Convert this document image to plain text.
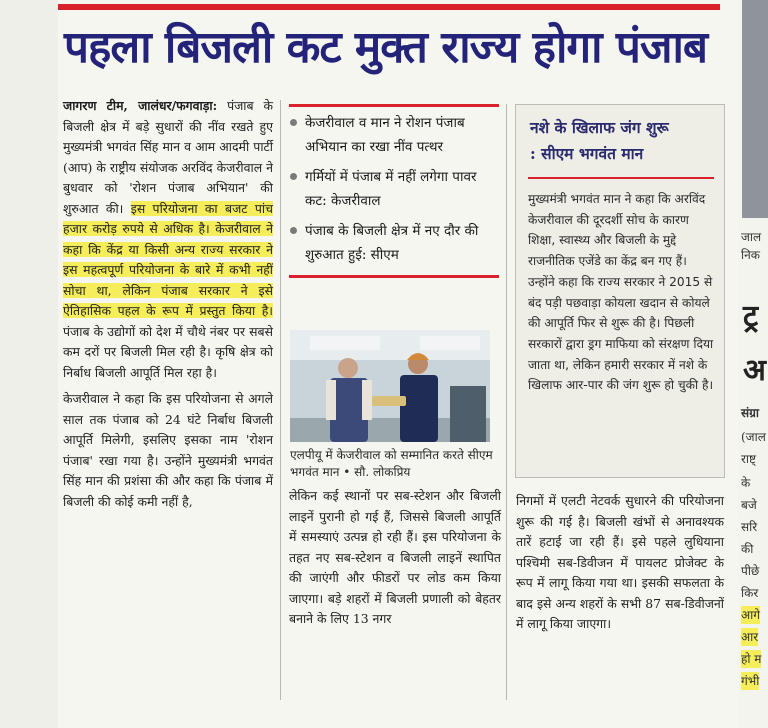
पहला बिजली कट मुक्त राज्य होगा पंजाब

जागरण टीम, जालंधर/फगवाड़ा: पंजाब के बिजली क्षेत्र में बड़े सुधारों की नींव रखते हुए मुख्यमंत्री भगवंत सिंह मान व आम आदमी पार्टी (आप) के राष्ट्रीय संयोजक अरविंद केजरीवाल ने बुधवार को 'रोशन पंजाब अभियान' की शुरुआत की। इस परियोजना का बजट पांच हजार करोड़ रुपये से अधिक है। केजरीवाल ने कहा कि केंद्र या किसी अन्य राज्य सरकार ने इस महत्वपूर्ण परियोजना के बारे में कभी नहीं सोचा था, लेकिन पंजाब सरकार ने इसे ऐतिहासिक पहल के रूप में प्रस्तुत किया है। पंजाब के उद्योगों को देश में चौथे नंबर पर सबसे कम दरों पर बिजली मिल रही है। कृषि क्षेत्र को निर्बाध बिजली आपूर्ति मिल रहा है।

केजरीवाल ने कहा कि इस परियोजना से अगले साल तक पंजाब को 24 घंटे निर्बाध बिजली आपूर्ति मिलेगी, इसलिए इसका नाम 'रोशन पंजाब' रखा गया है। उन्होंने मुख्यमंत्री भगवंत सिंह मान की प्रशंसा की और कहा कि पंजाब में बिजली की कोई कमी नहीं है,

केजरीवाल व मान ने रोशन पंजाब अभियान का रखा नींव पत्थर
गर्मियों में पंजाब में नहीं लगेगा पावर कट: केजरीवाल
पंजाब के बिजली क्षेत्र में नए दौर की शुरुआत हुई: सीएम
एलपीयू में केजरीवाल को सम्मानित करते सीएम भगवंत मान • सौ. लोकप्रिय
लेकिन कई स्थानों पर सब-स्टेशन और बिजली लाइनें पुरानी हो गई हैं, जिससे बिजली आपूर्ति में समस्याएं उत्पन्न हो रही हैं। इस परियोजना के तहत नए सब-स्टेशन व बिजली लाइनें स्थापित की जाएंगी और फीडरों पर लोड कम किया जाएगा। बड़े शहरों में बिजली प्रणाली को बेहतर बनाने के लिए 13 नगर
नशे के खिलाफ जंग शुरू
: सीएम भगवंत मान
मुख्यमंत्री भगवंत मान ने कहा कि अरविंद केजरीवाल की दूरदर्शी सोच के कारण शिक्षा, स्वास्थ्य और बिजली के मुद्दे राजनीतिक एजेंडे का केंद्र बन गए हैं। उन्होंने कहा कि राज्य सरकार ने 2015 से बंद पड़ी पछवाड़ा कोयला खदान से कोयले की आपूर्ति फिर से शुरू की है। पिछली सरकारों द्वारा ड्रग माफिया को संरक्षण दिया जाता था, लेकिन हमारी सरकार में नशे के खिलाफ आर-पार की जंग शुरू हो चुकी है।
निगमों में एलटी नेटवर्क सुधारने की परियोजना शुरू की गई है। बिजली खंभों से अनावश्यक तारें हटाई जा रही हैं। इसे पहले लुधियाना पश्चिमी सब-डिवीजन में पायलट प्रोजेक्ट के रूप में लागू किया गया था। इसकी सफलता के बाद इसे अन्य शहरों के सभी 87 सब-डिवीजनों में लागू किया जाएगा।
जाल
निक
ट्र
अ
संग्रा
(जाल
राष्ट्
के
बजे
सरि
की
पीछे
किर
आगे
आर
हो म
गंभी
